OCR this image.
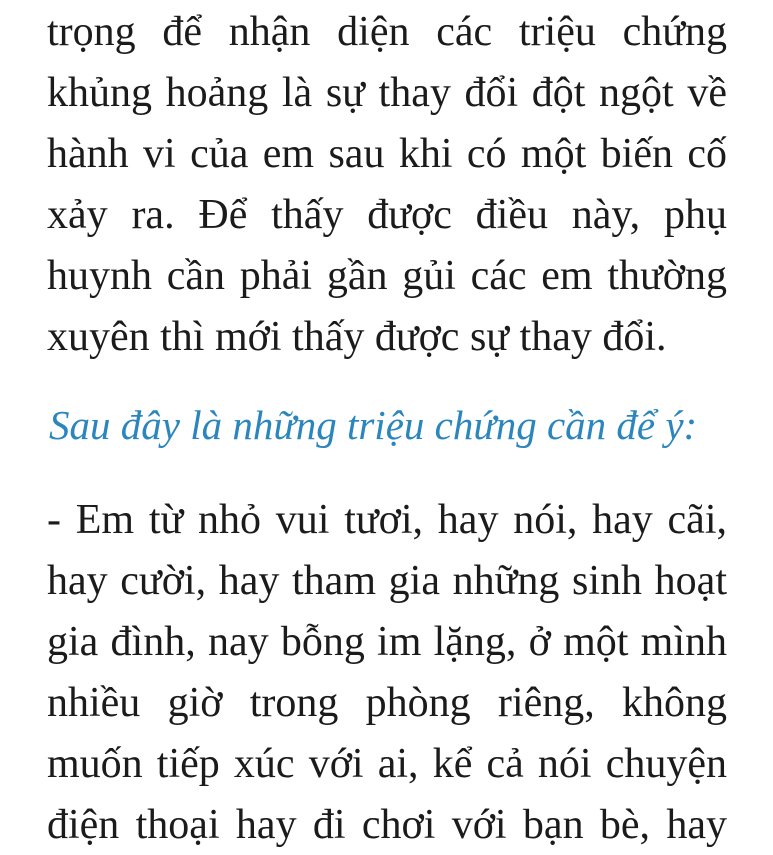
trọng để nhận diện các triệu chứng
khủng hoảng là sự thay đổi đột ngột về
hành vi của em sau khi có một biến cố
xảy ra. Để thấy được điều này, phụ
huynh cần phải gần gủi các em thường
xuyên thì mới thấy được sự thay đổi.
Sau đây là những triệu chứng cần để ý:
- Em từ nhỏ vui tươi, hay nói, hay cãi,
hay cười, hay tham gia những sinh hoạt
gia đình, nay bỗng im lặng, ở một mình
nhiều giờ trong phòng riêng, không
muốn tiếp xúc với ai, kể cả nói chuyện
điện thoại hay đi chơi với bạn bè, hay
